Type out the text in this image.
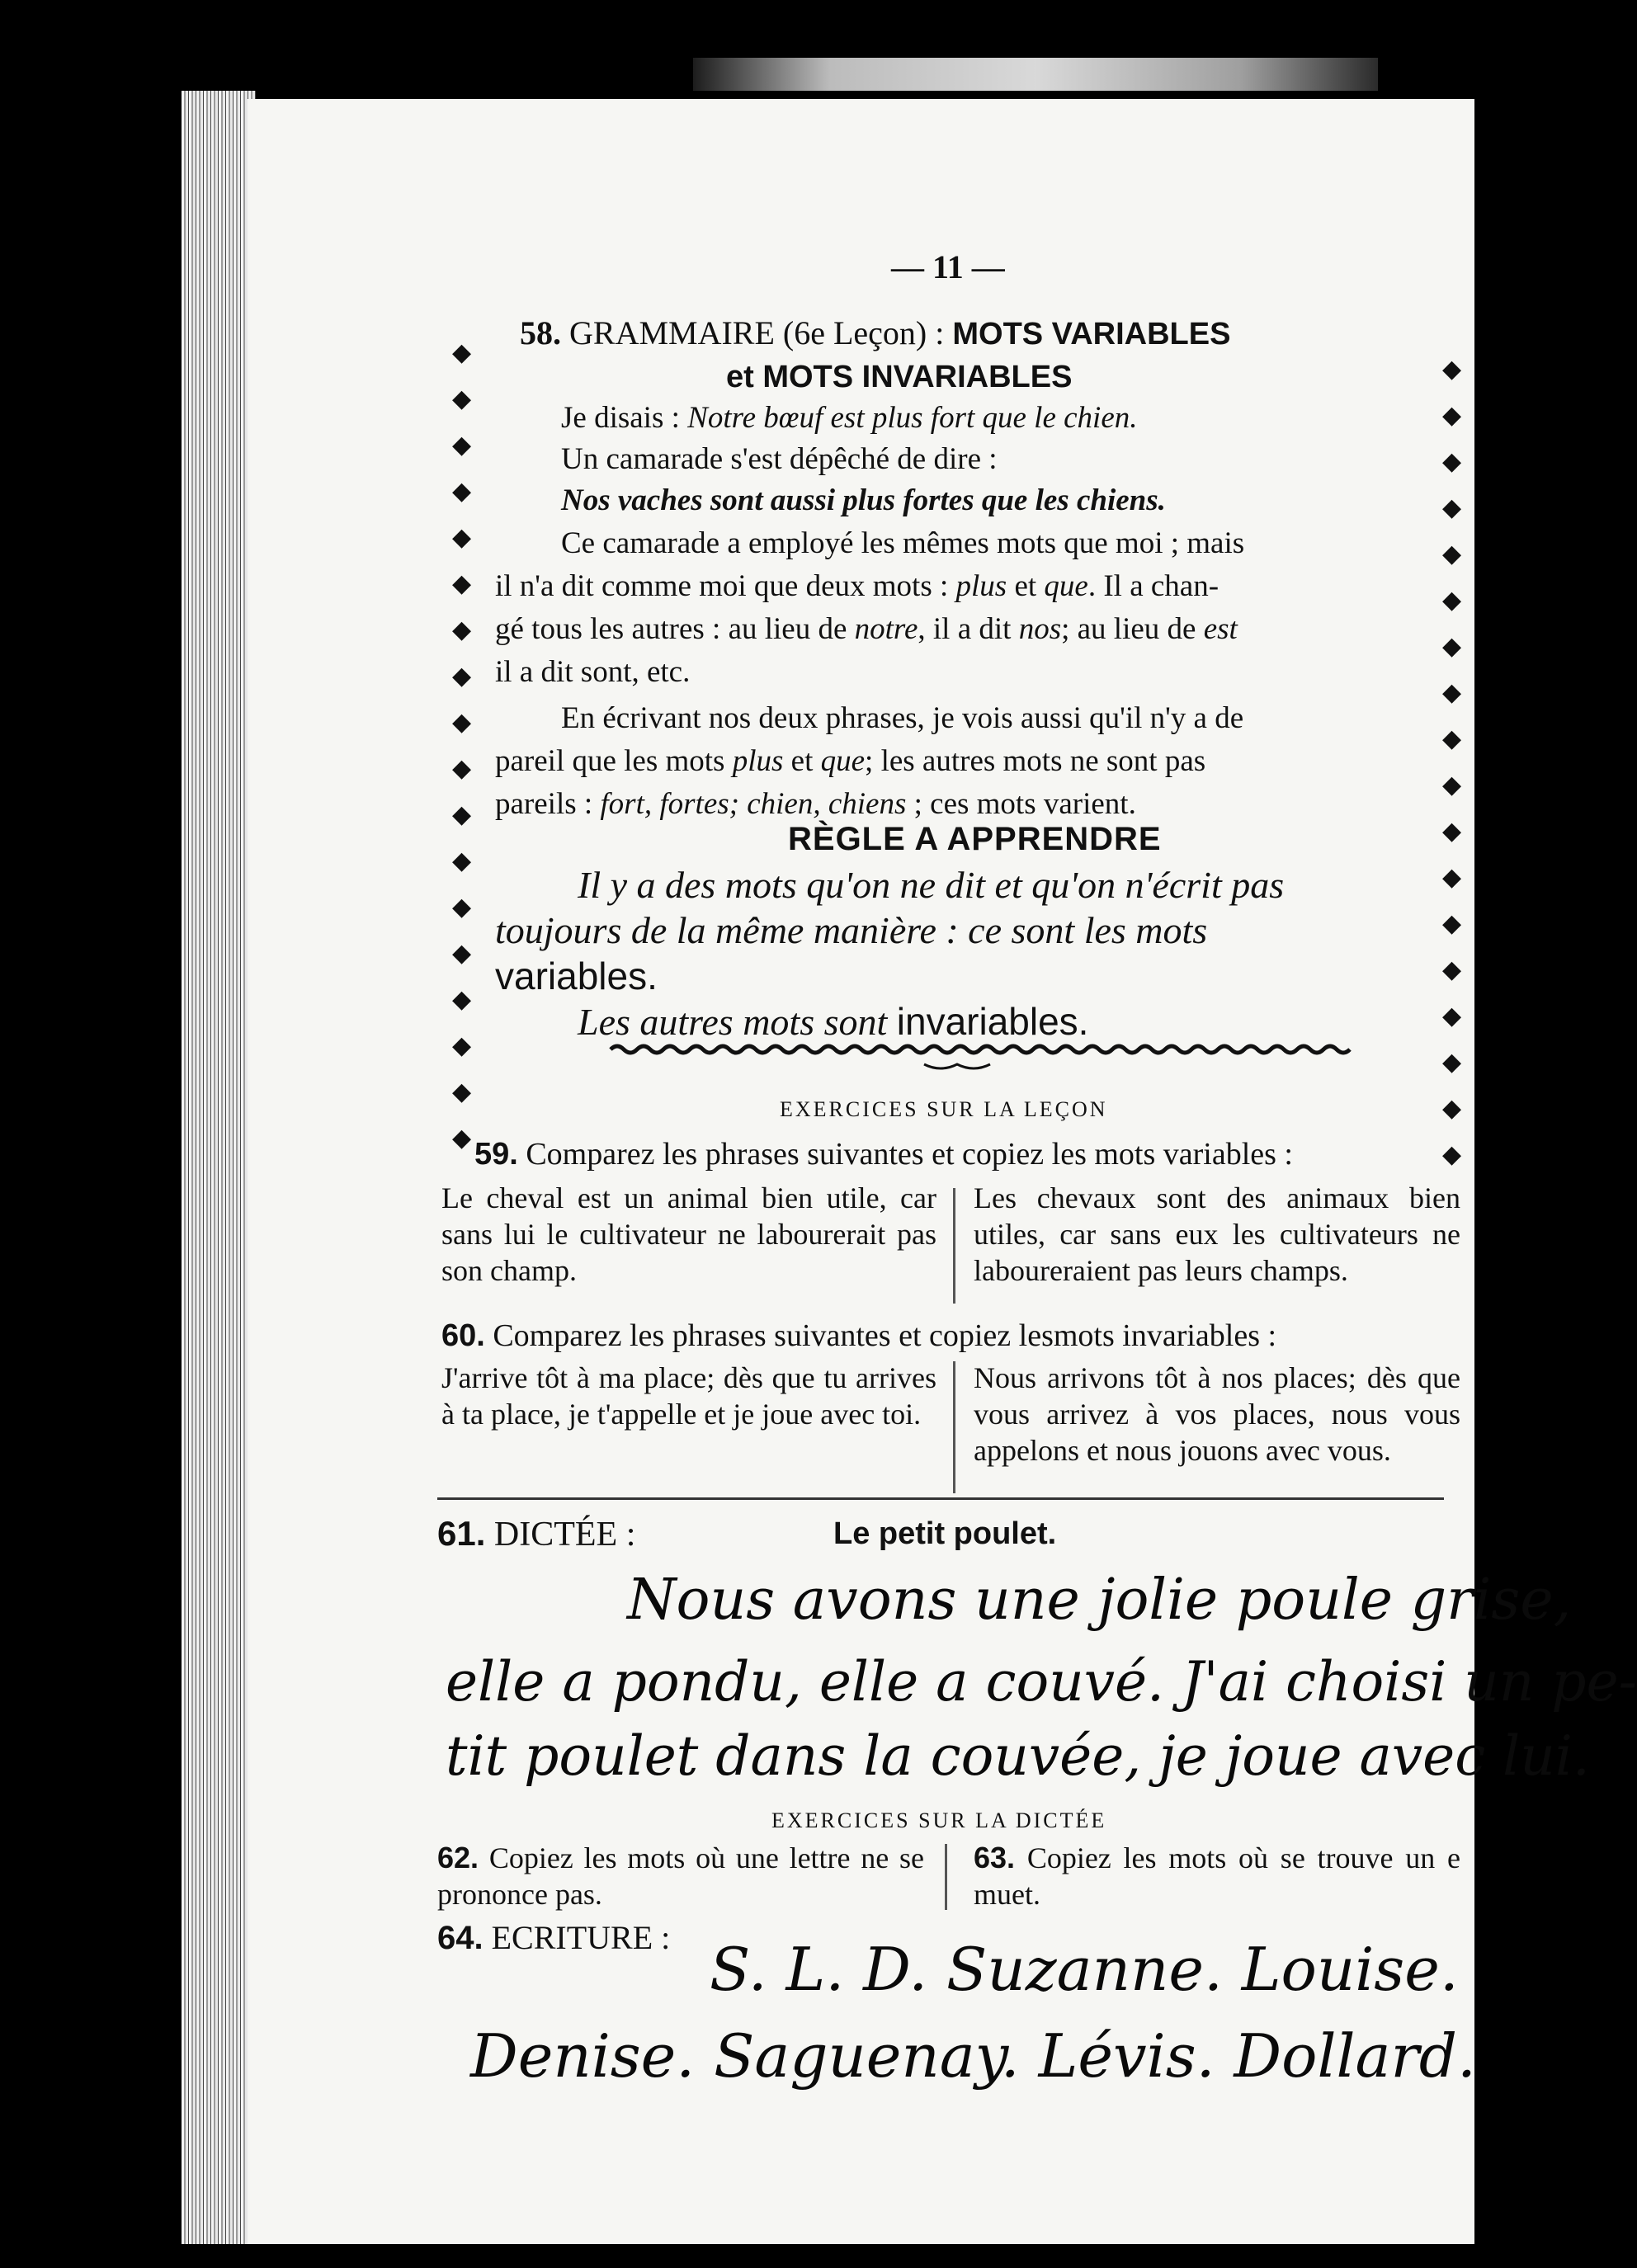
— 11 —
◆
◆
◆
◆
◆
◆
◆
◆
◆
◆
◆
◆
◆
◆
◆
◆
◆
◆
◆
◆
◆
◆
◆
◆
◆
◆
◆
◆
◆
◆
◆
◆
◆
◆
◆
◆
58. GRAMMAIRE (6e Leçon) : MOTS VARIABLES
et MOTS INVARIABLES
Je disais : Notre bœuf est plus fort que le chien.
Un camarade s'est dépêché de dire :
Nos vaches sont aussi plus fortes que les chiens.
Ce camarade a employé les mêmes mots que moi ; mais
il n'a dit comme moi que deux mots : plus et que. Il a chan-
gé tous les autres : au lieu de notre, il a dit nos; au lieu de est
il a dit sont, etc.
En écrivant nos deux phrases, je vois aussi qu'il n'y a de
pareil que les mots plus et que; les autres mots ne sont pas
pareils : fort, fortes; chien, chiens ; ces mots varient.
RÈGLE A APPRENDRE
Il y a des mots qu'on ne dit et qu'on n'écrit pas
toujours de la même manière : ce sont les mots
variables.
Les autres mots sont invariables.
EXERCICES SUR LA LEÇON
59. Comparez les phrases suivantes et copiez les mots variables :
Le cheval est un animal bien utile, car sans lui le cultivateur ne labourerait pas son champ.
Les chevaux sont des animaux bien utiles, car sans eux les cultivateurs ne laboureraient pas leurs champs.
60. Comparez les phrases suivantes et copiez lesmots invariables :
J'arrive tôt à ma place; dès que tu arrives à ta place, je t'appelle et je joue avec toi.
Nous arrivons tôt à nos places; dès que vous arrivez à vos places, nous vous appelons et nous jouons avec vous.
61. DICTÉE :	Le petit poulet.
Nous avons une jolie poule grise,
elle a pondu, elle a couvé. J'ai choisi un pe-
tit poulet dans la couvée, je joue avec lui.
EXERCICES SUR LA DICTÉE
62. Copiez les mots où une lettre ne se prononce pas.
63. Copiez les mots où se trouve un e muet.
64. ECRITURE : S. L. D. Suzanne. Louise.
Denise. Saguenay. Lévis. Dollard.
